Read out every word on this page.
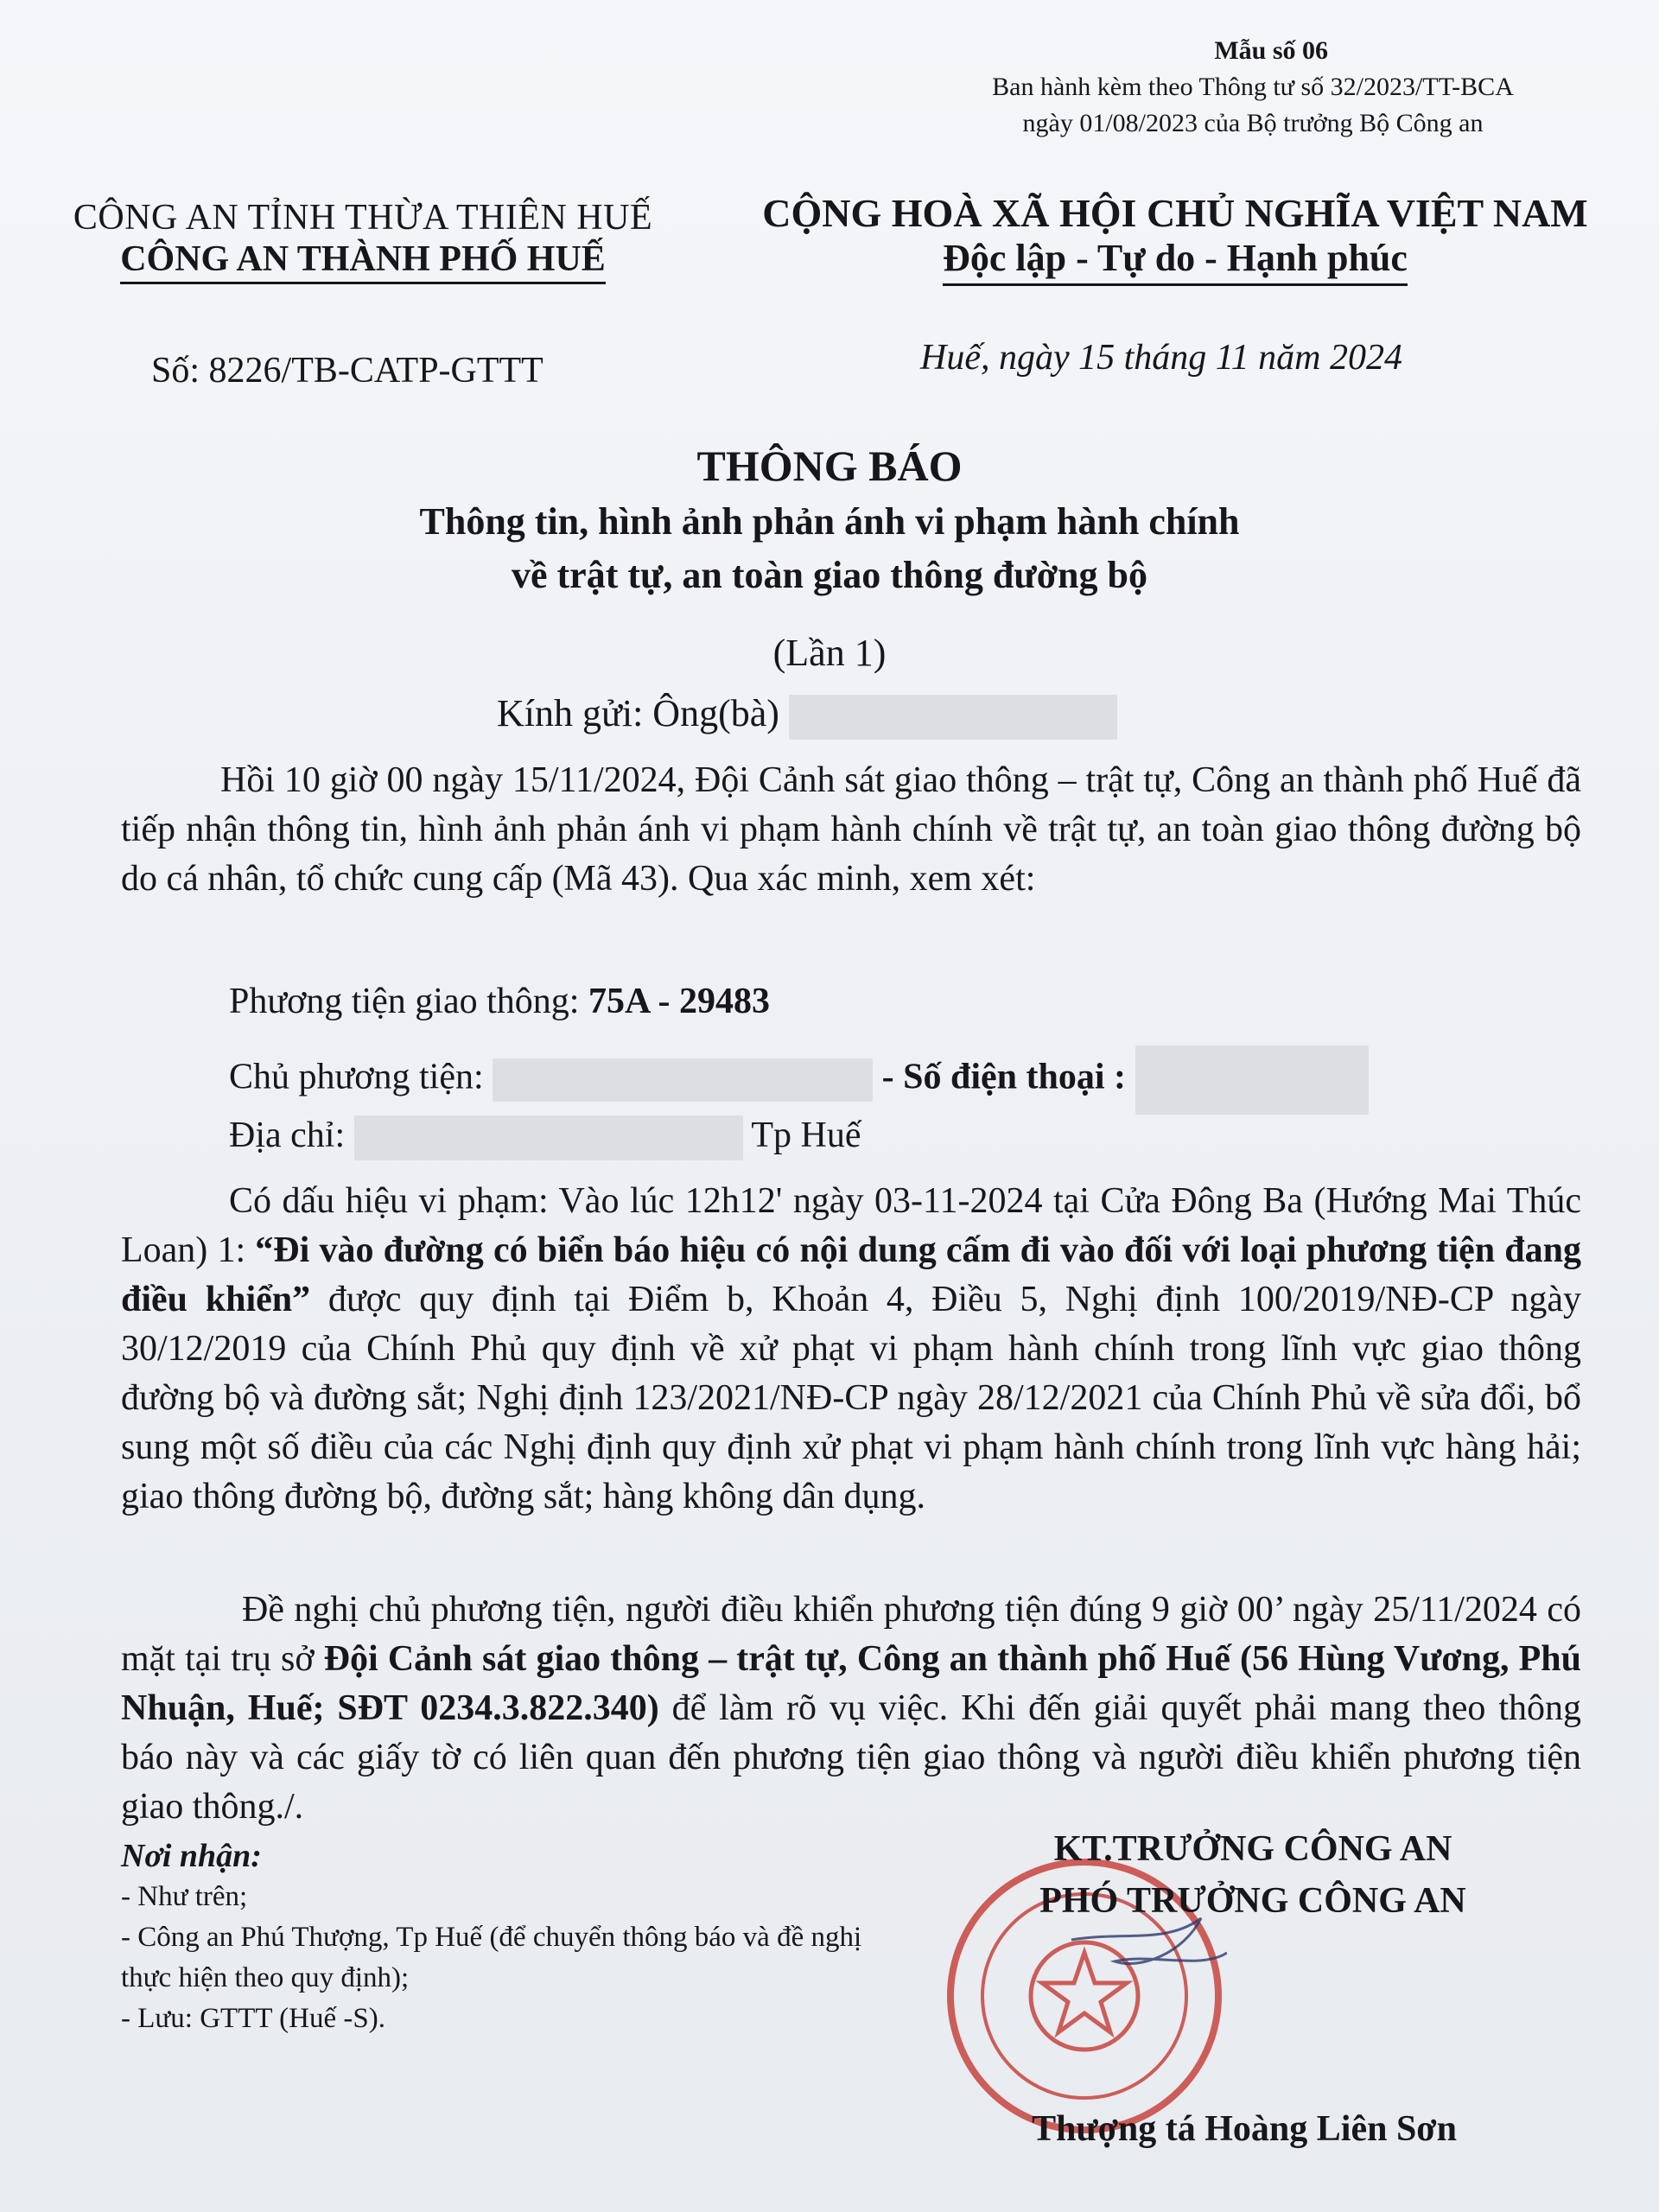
Mẫu số 06
Ban hành kèm theo Thông tư số 32/2023/TT-BCA
ngày 01/08/2023 của Bộ trưởng Bộ Công an
CÔNG AN TỈNH THỪA THIÊN HUẾ
CÔNG AN THÀNH PHỐ HUẾ
CỘNG HOÀ XÃ HỘI CHỦ NGHĨA VIỆT NAM
Độc lập - Tự do - Hạnh phúc
Số: 8226/TB-CATP-GTTT	Huế, ngày 15 tháng 11 năm 2024
THÔNG BÁO
Thông tin, hình ảnh phản ánh vi phạm hành chính
về trật tự, an toàn giao thông đường bộ
(Lần 1)
Kính gửi: Ông(bà)
Hồi 10 giờ 00 ngày 15/11/2024, Đội Cảnh sát giao thông – trật tự, Công an thành phố Huế đã tiếp nhận thông tin, hình ảnh phản ánh vi phạm hành chính về trật tự, an toàn giao thông đường bộ do cá nhân, tổ chức cung cấp (Mã 43). Qua xác minh, xem xét:
Phương tiện giao thông: 75A - 29483
Chủ phương tiện:	- Số điện thoại :
Địa chỉ:	Tp Huế
Có dấu hiệu vi phạm: Vào lúc 12h12' ngày 03-11-2024 tại Cửa Đông Ba (Hướng Mai Thúc Loan) 1: “Đi vào đường có biển báo hiệu có nội dung cấm đi vào đối với loại phương tiện đang điều khiển” được quy định tại Điểm b, Khoản 4, Điều 5, Nghị định 100/2019/NĐ-CP ngày 30/12/2019 của Chính Phủ quy định về xử phạt vi phạm hành chính trong lĩnh vực giao thông đường bộ và đường sắt; Nghị định 123/2021/NĐ-CP ngày 28/12/2021 của Chính Phủ về sửa đổi, bổ sung một số điều của các Nghị định quy định xử phạt vi phạm hành chính trong lĩnh vực hàng hải; giao thông đường bộ, đường sắt; hàng không dân dụng.
Đề nghị chủ phương tiện, người điều khiển phương tiện đúng 9 giờ 00’ ngày 25/11/2024 có mặt tại trụ sở Đội Cảnh sát giao thông – trật tự, Công an thành phố Huế (56 Hùng Vương, Phú Nhuận, Huế; SĐT 0234.3.822.340) để làm rõ vụ việc. Khi đến giải quyết phải mang theo thông báo này và các giấy tờ có liên quan đến phương tiện giao thông và người điều khiển phương tiện giao thông./.
Nơi nhận:
- Như trên;
- Công an Phú Thượng, Tp Huế (để chuyển thông báo và đề nghị thực hiện theo quy định);
- Lưu: GTTT (Huế -S).
KT.TRƯỞNG CÔNG AN
PHÓ TRƯỞNG CÔNG AN
Thượng tá Hoàng Liên Sơn
